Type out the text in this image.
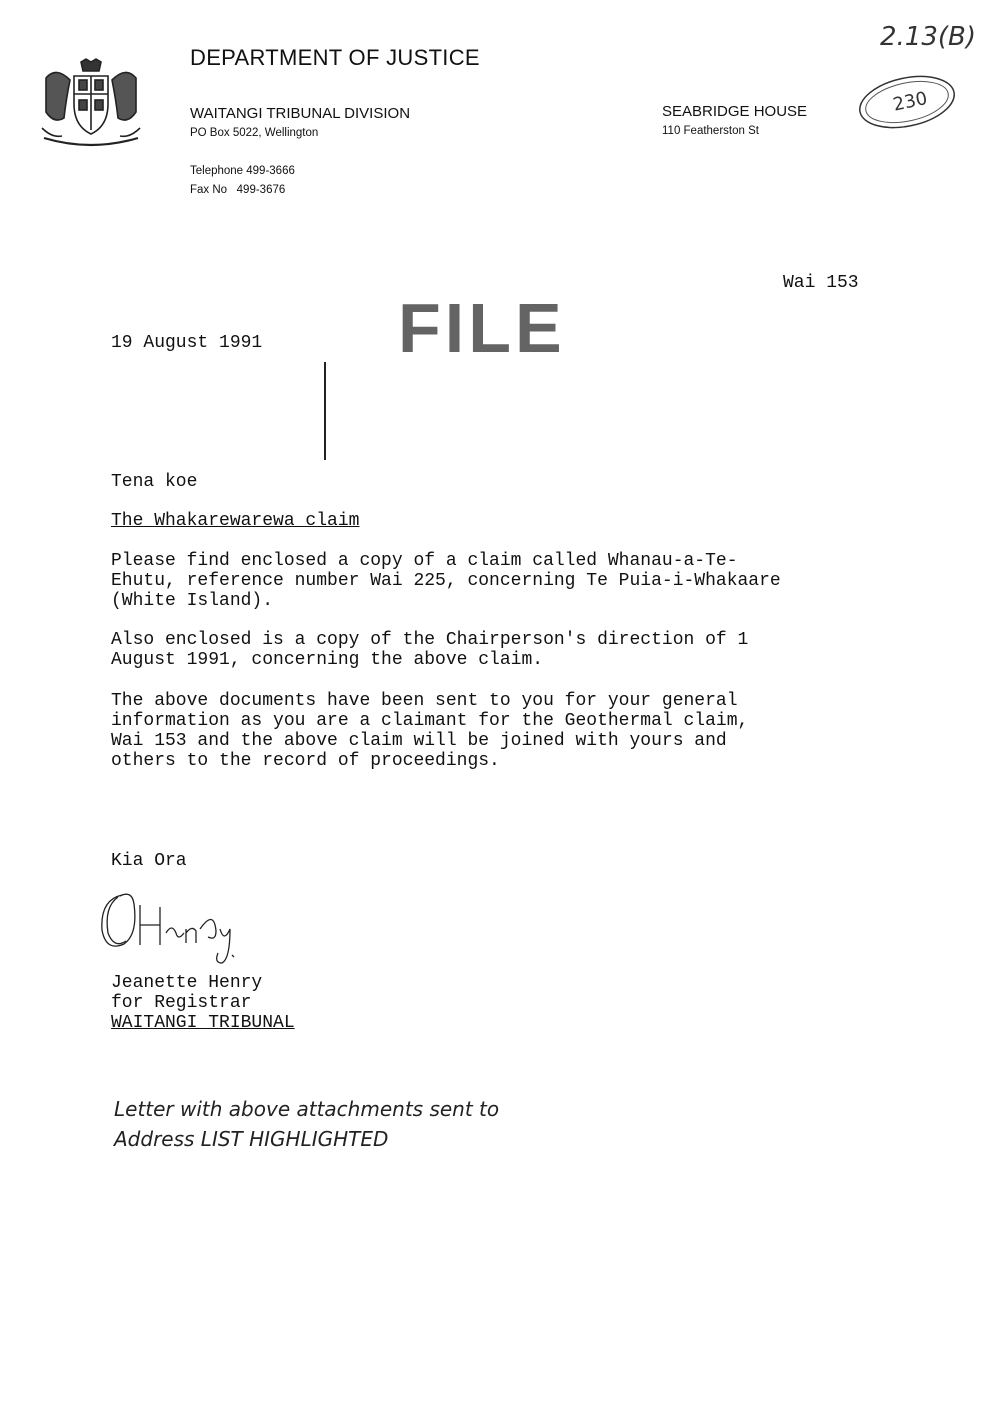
DEPARTMENT OF JUSTICE
WAITANGI TRIBUNAL DIVISION
PO Box 5022, Wellington
Telephone 499-3666
Fax No   499-3676
SEABRIDGE HOUSE
110 Featherston St
2.13(B)
230
FILE
Wai 153
19 August 1991
Tena koe
The Whakarewarewa claim
Please find enclosed a copy of a claim called Whanau-a-Te-
Ehutu, reference number Wai 225, concerning Te Puia-i-Whakaare
(White Island).
Also enclosed is a copy of the Chairperson's direction of 1
August 1991, concerning the above claim.
The above documents have been sent to you for your general
information as you are a claimant for the Geothermal claim,
Wai 153 and the above claim will be joined with yours and
others to the record of proceedings.
Kia Ora
Jeanette Henry
for Registrar
WAITANGI TRIBUNAL
Letter with above attachments sent to
Address LIST HIGHLIGHTED
